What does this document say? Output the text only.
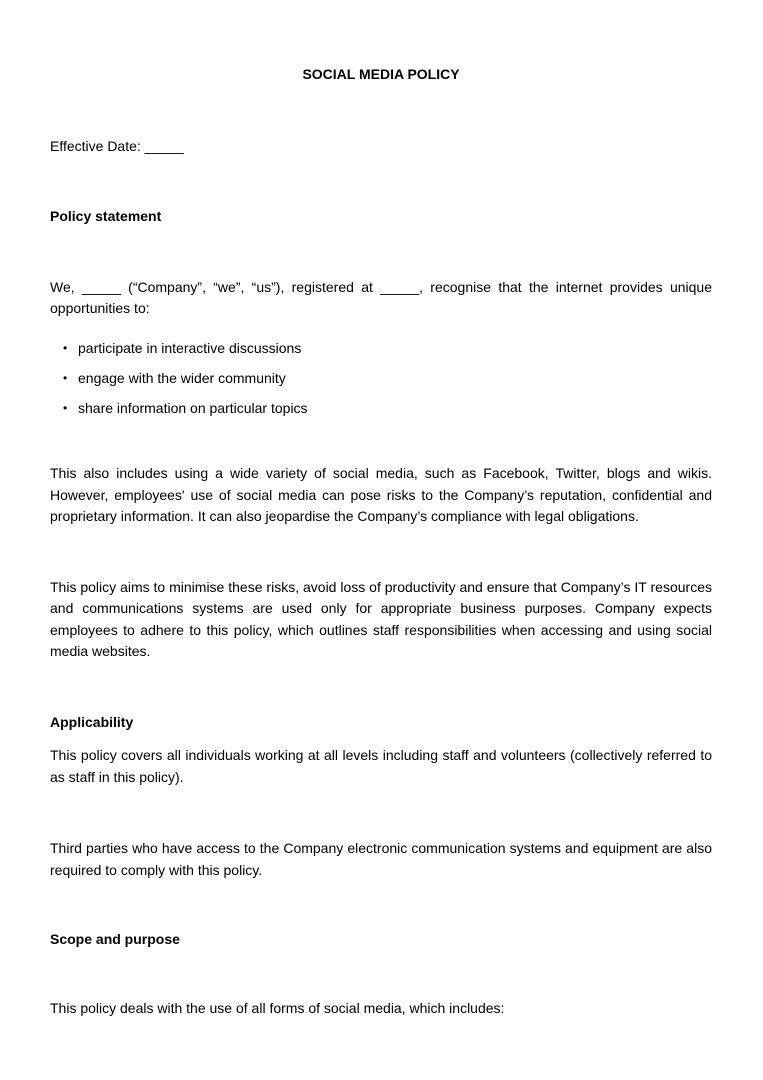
SOCIAL MEDIA POLICY

Effective Date: _____

Policy statement

We, _____ (“Company”, “we”, “us”), registered at _____, recognise that the internet provides unique opportunities to:

• participate in interactive discussions
• engage with the wider community
• share information on particular topics

This also includes using a wide variety of social media, such as Facebook, Twitter, blogs and wikis. However, employees' use of social media can pose risks to the Company’s reputation, confidential and proprietary information. It can also jeopardise the Company’s compliance with legal obligations.

This policy aims to minimise these risks, avoid loss of productivity and ensure that Company’s IT resources and communications systems are used only for appropriate business purposes. Company expects employees to adhere to this policy, which outlines staff responsibilities when accessing and using social media websites.

Applicability

This policy covers all individuals working at all levels including staff and volunteers (collectively referred to as staff in this policy).

Third parties who have access to the Company electronic communication systems and equipment are also required to comply with this policy.

Scope and purpose

This policy deals with the use of all forms of social media, which includes:
